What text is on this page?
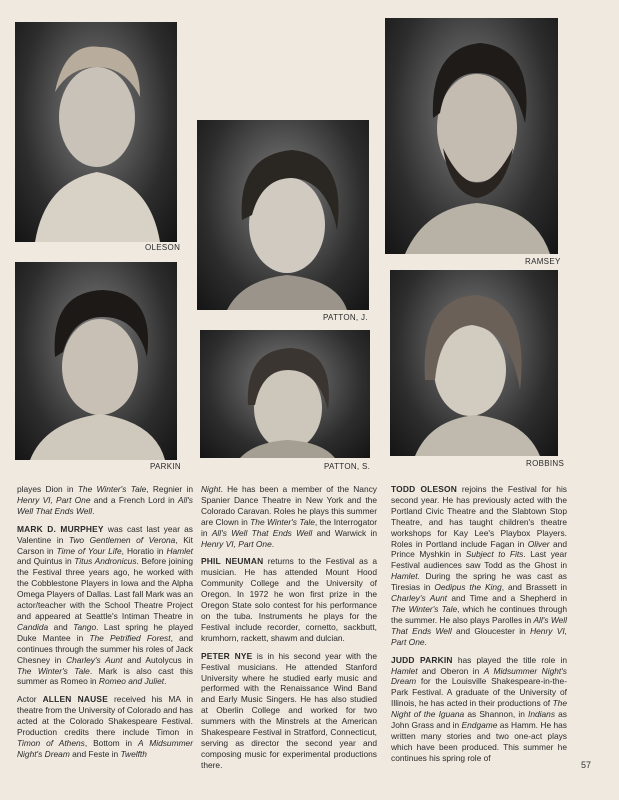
OLESON
PATTON, J.
RAMSEY
PARKIN	PATTON, S.	ROBBINS

playes Dion in The Winter's Tale, Regnier in Henry VI, Part One and a French Lord in All's Well That Ends Well.

MARK D. MURPHEY was cast last year as Valentine in Two Gentlemen of Verona, Kit Carson in Time of Your Life, Horatio in Hamlet and Quintus in Titus Andronicus. Before joining the Festival three years ago, he worked with the Cobblestone Players in Iowa and the Alpha Omega Players of Dallas. Last fall Mark was an actor/teacher with the School Theatre Project and appeared at Seattle's Intiman Theatre in Candida and Tango. Last spring he played Duke Mantee in The Petrified Forest, and continues through the summer his roles of Jack Chesney in Charley's Aunt and Autolycus in The Winter's Tale. Mark is also cast this summer as Romeo in Romeo and Juliet.

Actor ALLEN NAUSE received his MA in theatre from the University of Colorado and has acted at the Colorado Shakespeare Festival. Production credits there include Timon in Timon of Athens, Bottom in A Midsummer Night's Dream and Feste in Twelfth

Night. He has been a member of the Nancy Spanier Dance Theatre in New York and the Colorado Caravan. Roles he plays this summer are Clown in The Winter's Tale, the Interrogator in All's Well That Ends Well and Warwick in Henry VI, Part One.

PHIL NEUMAN returns to the Festival as a musician. He has attended Mount Hood Community College and the University of Oregon. In 1972 he won first prize in the Oregon State solo contest for his performance on the tuba. Instruments he plays for the Festival include recorder, cornetto, sackbutt, krumhorn, rackett, shawm and dulcian.

PETER NYE is in his second year with the Festival musicians. He attended Stanford University where he studied early music and performed with the Renaissance Wind Band and Early Music Singers. He has also studied at Oberlin College and worked for two summers with the Minstrels at the American Shakespeare Festival in Stratford, Connecticut, serving as director the second year and composing music for experimental productions there.

TODD OLESON rejoins the Festival for his second year. He has previously acted with the Portland Civic Theatre and the Slabtown Stop Theatre, and has taught children's theatre workshops for Kay Lee's Playbox Players. Roles in Portland include Fagan in Oliver and Prince Myshkin in Subject to Fits. Last year Festival audiences saw Todd as the Ghost in Hamlet. During the spring he was cast as Tiresias in Oedipus the King, and Brassett in Charley's Aunt and Time and a Shepherd in The Winter's Tale, which he continues through the summer. He also plays Parolles in All's Well That Ends Well and Gloucester in Henry VI, Part One.

JUDD PARKIN has played the title role in Hamlet and Oberon in A Midsummer Night's Dream for the Louisville Shakespeare-in-the-Park Festival. A graduate of the University of Illinois, he has acted in their productions of The Night of the Iguana as Shannon, in Indians as John Grass and in Endgame as Hamm. He has written many stories and two one-act plays which have been produced. This summer he continues his spring role of

57
